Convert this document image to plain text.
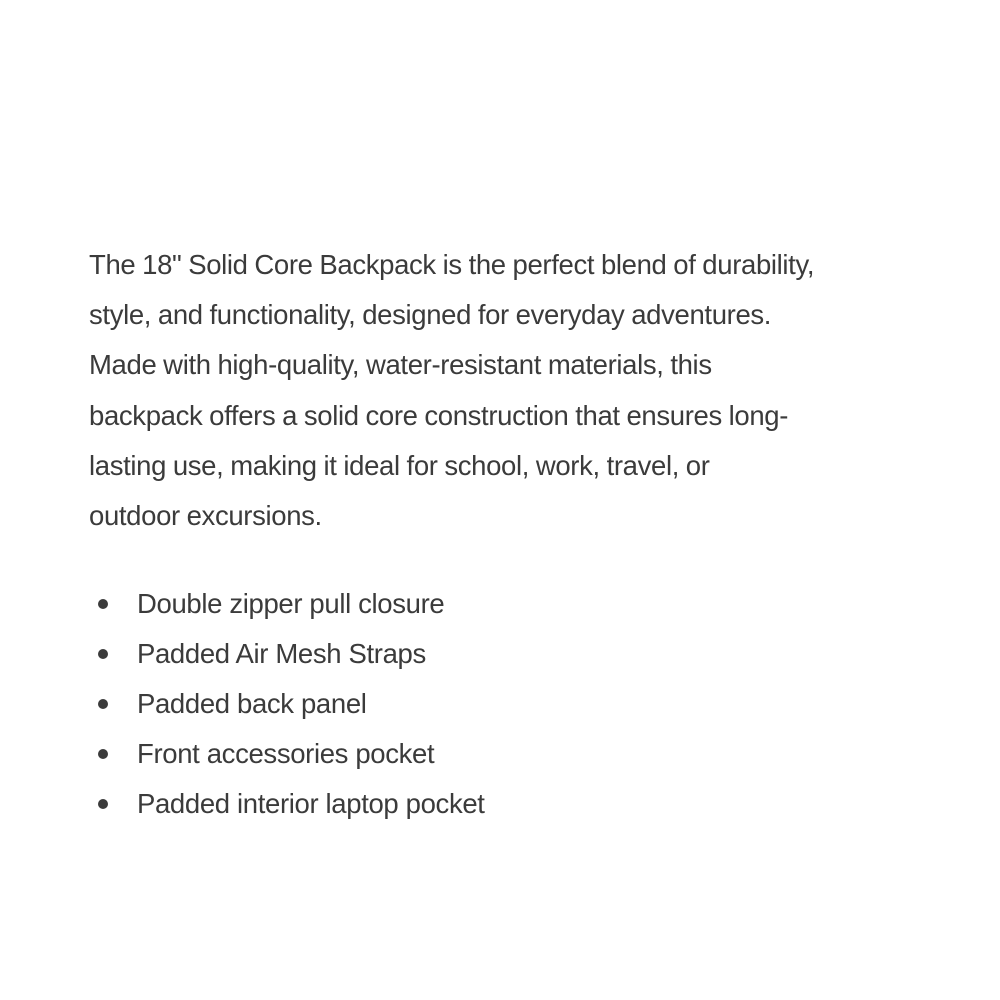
The 18" Solid Core Backpack is the perfect blend of durability,
style, and functionality, designed for everyday adventures.
Made with high-quality, water-resistant materials, this
backpack offers a solid core construction that ensures long-
lasting use, making it ideal for school, work, travel, or
outdoor excursions.

Double zipper pull closure
Padded Air Mesh Straps
Padded back panel
Front accessories pocket
Padded interior laptop pocket
